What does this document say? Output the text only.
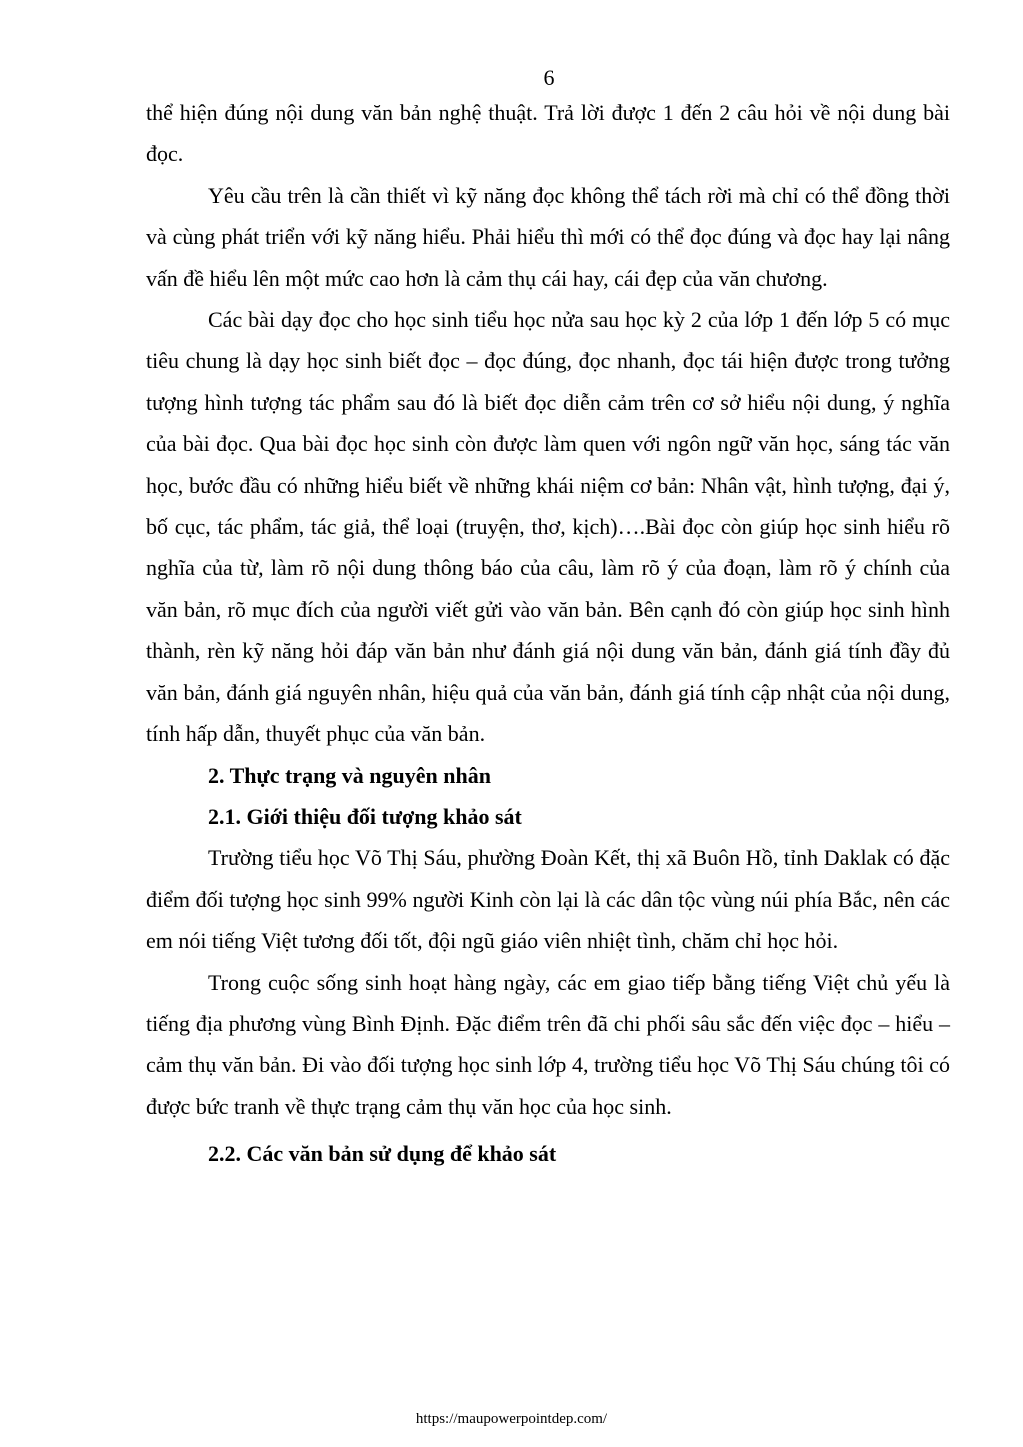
6

thể hiện đúng nội dung văn bản nghệ thuật. Trả lời được 1 đến 2 câu hỏi về nội dung bài đọc.

Yêu cầu trên là cần thiết vì kỹ năng đọc không thể tách rời mà chỉ có thể đồng thời và cùng phát triển với kỹ năng hiểu. Phải hiểu thì mới có thể đọc đúng và đọc hay lại nâng vấn đề hiểu lên một mức cao hơn là cảm thụ cái hay, cái đẹp của văn chương.

Các bài dạy đọc cho học sinh tiểu học nửa sau học kỳ 2 của lớp 1 đến lớp 5 có mục tiêu chung là dạy học sinh biết đọc – đọc đúng, đọc nhanh, đọc tái hiện được trong tưởng tượng hình tượng tác phẩm sau đó là biết đọc diễn cảm trên cơ sở hiểu nội dung, ý nghĩa của bài đọc. Qua bài đọc học sinh còn được làm quen với ngôn ngữ văn học, sáng tác văn học, bước đầu có những hiểu biết về những khái niệm cơ bản: Nhân vật, hình tượng, đại ý, bố cục, tác phẩm, tác giả, thể loại (truyện, thơ, kịch)….Bài đọc còn giúp học sinh hiểu rõ nghĩa của từ, làm rõ nội dung thông báo của câu, làm rõ ý của đoạn, làm rõ ý chính của văn bản, rõ mục đích của người viết gửi vào văn bản. Bên cạnh đó còn giúp học sinh hình thành, rèn kỹ năng hỏi đáp văn bản như đánh giá nội dung văn bản, đánh giá tính đầy đủ văn bản, đánh giá nguyên nhân, hiệu quả của văn bản, đánh giá tính cập nhật của nội dung, tính hấp dẫn, thuyết phục của văn bản.

2. Thực trạng và nguyên nhân

2.1. Giới thiệu đối tượng khảo sát

Trường tiểu học Võ Thị Sáu, phường Đoàn Kết, thị xã Buôn Hồ, tỉnh Daklak có đặc điểm đối tượng học sinh 99% người Kinh còn lại là các dân tộc vùng núi phía Bắc, nên các em nói tiếng Việt tương đối tốt, đội ngũ giáo viên nhiệt tình, chăm chỉ học hỏi.

Trong cuộc sống sinh hoạt hàng ngày, các em giao tiếp bằng tiếng Việt chủ yếu là tiếng địa phương vùng Bình Định. Đặc điểm trên đã chi phối sâu sắc đến việc đọc – hiểu – cảm thụ văn bản. Đi vào đối tượng học sinh lớp 4, trường tiểu học Võ Thị Sáu chúng tôi có được bức tranh về thực trạng cảm thụ văn học của học sinh.

2.2. Các văn bản sử dụng để khảo sát

https://maupowerpointdep.com/
